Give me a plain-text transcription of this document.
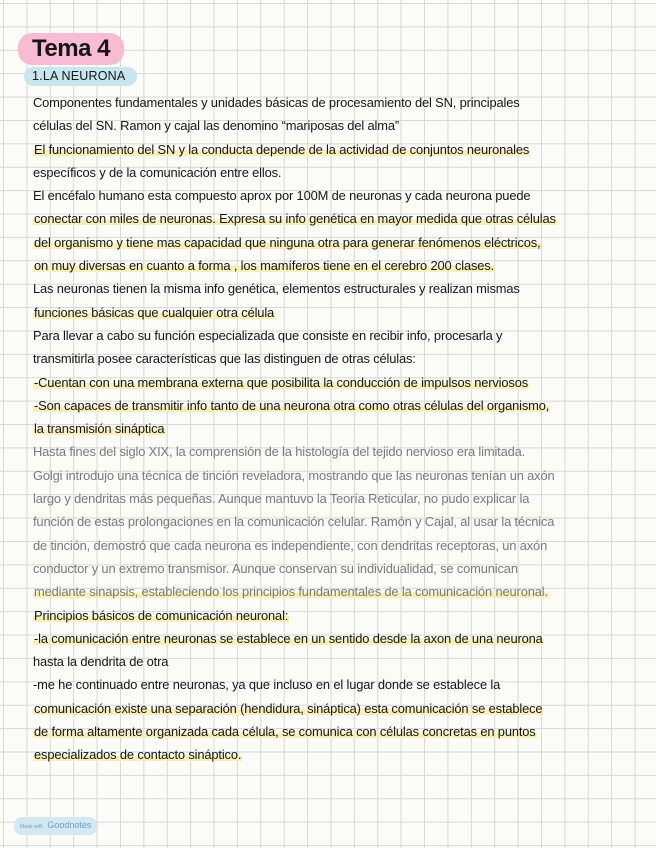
Tema 4
1.LA NEURONA

Componentes fundamentales y unidades básicas de procesamiento del SN, principales
células del SN. Ramon y cajal las denomino “mariposas del alma”

El funcionamiento del SN y la conducta depende de la actividad de conjuntos neuronales
específicos y de la comunicación entre ellos.

El encéfalo humano esta compuesto aprox por 100M de neuronas y cada neurona puede
conectar con miles de neuronas. Expresa su info genética en mayor medida que otras células
del organismo y tiene mas capacidad que ninguna otra para generar fenómenos eléctricos,
on muy diversas en cuanto a forma , los mamíferos tiene en el cerebro 200 clases.

Las neuronas tienen la misma info genética, elementos estructurales y realizan mismas
funciones básicas que cualquier otra célula

Para llevar a cabo su función especializada que consiste en recibir info, procesarla y
transmitirla posee características que las distinguen de otras células:

-Cuentan con una membrana externa que posibilita la conducción de impulsos nerviosos

-Son capaces de transmitir info tanto de una neurona otra como otras células del organismo,
la transmisión sináptica

Hasta fines del siglo XIX, la comprensión de la histología del tejido nervioso era limitada.
Golgi introdujo una técnica de tinción reveladora, mostrando que las neuronas tenían un axón
largo y dendritas más pequeñas. Aunque mantuvo la Teoría Reticular, no pudo explicar la
función de estas prolongaciones en la comunicación celular. Ramón y Cajal, al usar la técnica
de tinción, demostró que cada neurona es independiente, con dendritas receptoras, un axón
conductor y un extremo transmisor. Aunque conservan su individualidad, se comunican
mediante sinapsis, estableciendo los principios fundamentales de la comunicación neuronal.

Principios básicos de comunicación neuronal:

-la comunicación entre neuronas se establece en un sentido desde la axon de una neurona
hasta la dendrita de otra

-me he continuado entre neuronas, ya que incluso en el lugar donde se establece la
comunicación existe una separación (hendidura, sináptica) esta comunicación se establece
de forma altamente organizada cada célula, se comunica con células concretas en puntos
especializados de contacto sináptico.

Made with Goodnotes
